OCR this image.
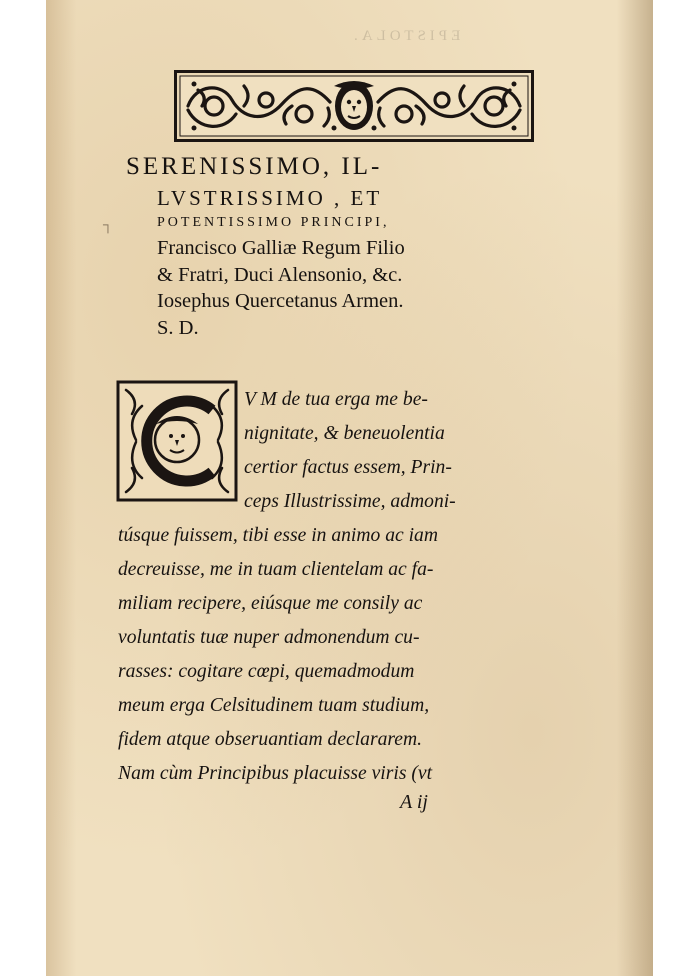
EPISTOLA.
┐
SERENISSIMO, IL-
LVSTRISSIMO , ET
POTENTISSIMO PRINCIPI,
Francisco Galliæ Regum Filio
& Fratri, Duci Alensonio, &c.
Iosephus Quercetanus Armen.
S. D.
C
V M de tua erga me be-
nignitate, & beneuolentia
certior factus essem, Prin-
ceps Illustrissime, admoni-
túsque fuissem, tibi esse in animo ac iam
decreuisse, me in tuam clientelam ac fa-
miliam recipere, eiúsque me consily ac
voluntatis tuæ nuper admonendum cu-
rasses: cogitare cœpi, quemadmodum
meum erga Celsitudinem tuam studium,
fidem atque obseruantiam declararem.
Nam cùm Principibus placuisse viris (vt
A ij
